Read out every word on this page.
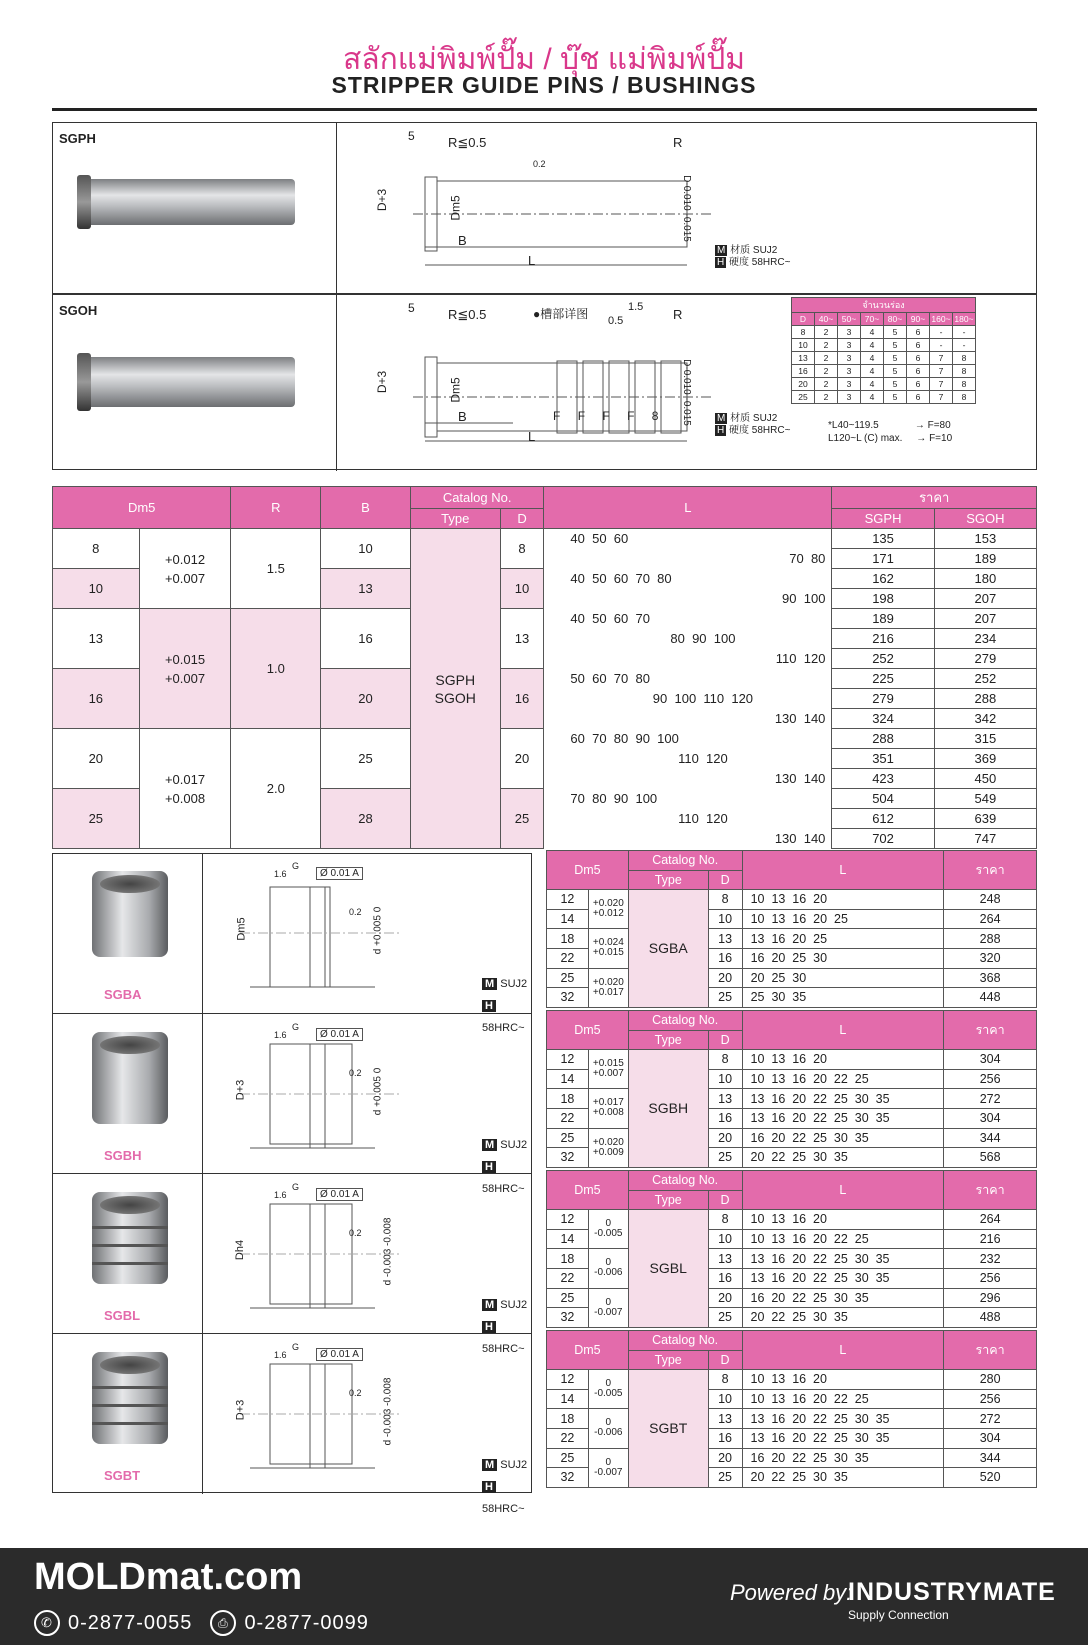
สลักแม่พิมพ์ปั๊ม / บุ๊ช แม่พิมพ์ปั๊ม
STRIPPER GUIDE PINS / BUSHINGS
SGPH	5	R≦0.5	R
D+3	Dm5	D-0.010 -0.015
B
L
M 材质 SUJ2
H 硬度 58HRC~
0.2
SGOH	5	R≦0.5	R
D+3	Dm5	D-0.010 -0.015
B
L
M 材质 SUJ2
H 硬度 58HRC~
●槽部详图	1.5
0.5
F F F F 8
*L40~119.5             → F=80
L120~L (C) max.     → F=10
จำนวนร่อง							
D	40~	50~	70~	80~	90~	160~	180~
8	2	3	4	5	6	-	-
10	2	3	4	5	6	-	-
13	2	3	4	5	6	7	8
16	2	3	4	5	6	7	8
20	2	3	4	5	6	7	8
25	2	3	4	5	6	7	8
Dm5		R	B	Catalog No.		L	ราคา	
				Type	D		SGPH	SGOH
8	+0.012
+0.007	1.5	10	SGPH
SGOH	8	40  50  60	135	153
						70  80	171	189
10			13		10	40  50  60  70  80	162	180
						90  100	198	207
13	+0.015
+0.007	1.0	16		13	40  50  60  70	189	207
						80  90  100	216	234
						110  120	252	279
16			20		16	50  60  70  80	225	252
						90  100  110  120	279	288
						130  140	324	342
20	+0.017
+0.008	2.0	25		20	60  70  80  90  100	288	315
						110  120	351	369
						130  140	423	450
25			28		25	70  80  90  100	504	549
						110  120	612	639
						130  140	702	747
Ø 0.01 A
G
1.6
0.2
Dm5	d +0.005 0
M SUJ2
H 58HRC~
SGBA
Dm5		Catalog No.		L	ราคา
		Type	D		
12	+0.020
+0.012	SGBA	8	10  13  16  20	248
14			10	10  13  16  20  25	264
18	+0.024
+0.015		13	13  16  20  25	288
22			16	16  20  25  30	320
25	+0.020
+0.017		20	20  25  30	368
32			25	25  30  35	448
Ø 0.01 A
G
1.6
0.2
D+3	d +0.005 0
M SUJ2
H 58HRC~
SGBH
Dm5		Catalog No.		L	ราคา
		Type	D		
12	+0.015
+0.007	SGBH	8	10  13  16  20	304
14			10	10  13  16  20  22  25	256
18	+0.017
+0.008		13	13  16  20  22  25  30  35	272
22			16	13  16  20  22  25  30  35	304
25	+0.020
+0.009		20	16  20  22  25  30  35	344
32			25	20  22  25  30  35	568
Ø 0.01 A
G
1.6
0.2
Dh4	d -0.003 -0.008
M SUJ2
H 58HRC~
SGBL
Dm5		Catalog No.		L	ราคา
		Type	D		
12	0
-0.005	SGBL	8	10  13  16  20	264
14			10	10  13  16  20  22  25	216
18	0
-0.006		13	13  16  20  22  25  30  35	232
22			16	13  16  20  22  25  30  35	256
25	0
-0.007		20	16  20  22  25  30  35	296
32			25	20  22  25  30  35	488
Ø 0.01 A
G
1.6
0.2
D+3	d -0.003 -0.008
M SUJ2
H 58HRC~
SGBT
Dm5		Catalog No.		L	ราคา
		Type	D		
12	0
-0.005	SGBT	8	10  13  16  20	280
14			10	10  13  16  20  22  25	256
18	0
-0.006		13	13  16  20  22  25  30  35	272
22			16	13  16  20  22  25  30  35	304
25	0
-0.007		20	16  20  22  25  30  35	344
32			25	20  22  25  30  35	520
MOLDmat.com
✆ 0-2877-0055	⎙ 0-2877-0099
Powered by:
INDUSTRYMATE
Supply Connection
